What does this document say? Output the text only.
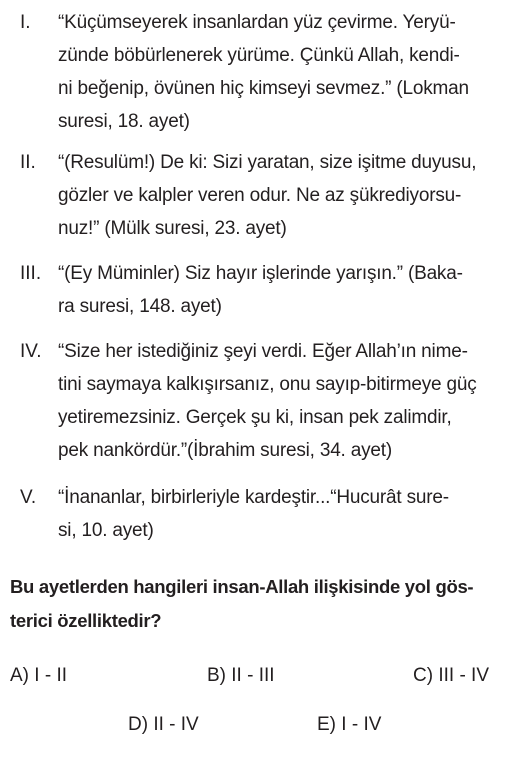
I.	“Küçümseyerek insanlardan yüz çevirme. Yeryü-
zünde böbürlenerek yürüme. Çünkü Allah, kendi-
ni beğenip, övünen hiç kimseyi sevmez.” (Lokman
suresi, 18. ayet)
II.	“(Resulüm!) De ki: Sizi yaratan, size işitme duyusu,
gözler ve kalpler veren odur. Ne az şükrediyorsu-
nuz!” (Mülk suresi, 23. ayet)
III. “(Ey Müminler) Siz hayır işlerinde yarışın.” (Baka-
ra suresi, 148. ayet)
IV. “Size her istediğiniz şeyi verdi. Eğer Allah’ın nime-
tini saymaya kalkışırsanız, onu sayıp-bitirmeye güç
yetiremezsiniz. Gerçek şu ki, insan pek zalimdir,
pek nankördür.”(İbrahim suresi, 34. ayet)
V.	“İnananlar, birbirleriyle kardeştir...“Hucurât sure-
si, 10. ayet)
Bu ayetlerden hangileri insan-Allah ilişkisinde yol gös-
terici özellikte​dir?
A) I - II	B) II - III	C) III - IV
D) II - IV	E) I - IV
